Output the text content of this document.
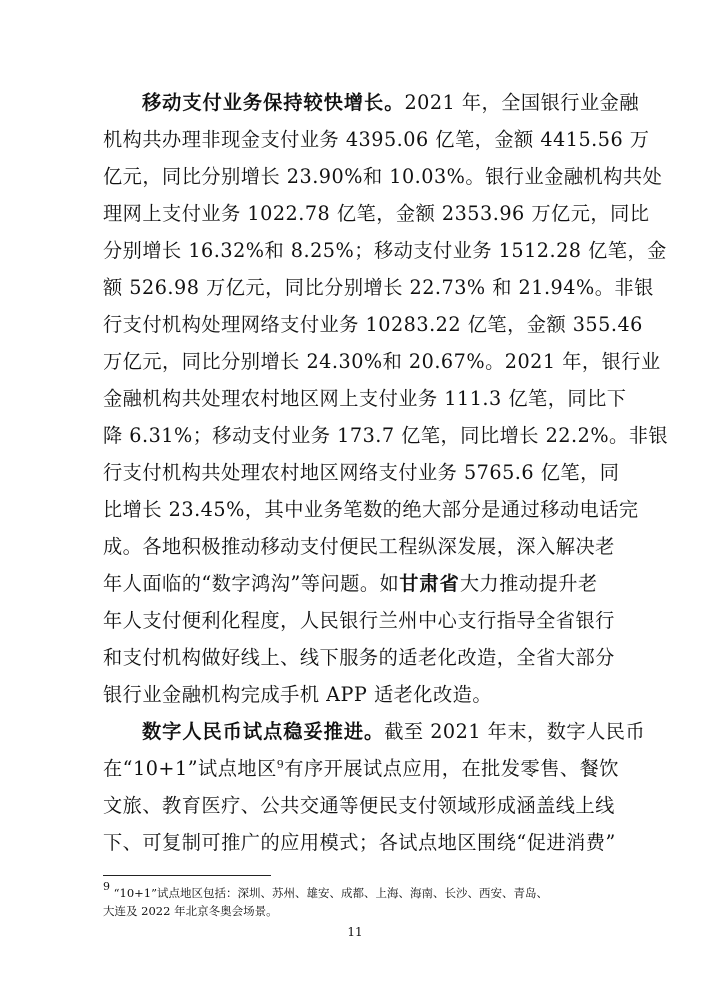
移动支付业务保持较快增长。2021 年，全国银行业金融
机构共办理非现金支付业务 4395.06 亿笔，金额 4415.56 万
亿元，同比分别增长 23.90%和 10.03%。银行业金融机构共处
理网上支付业务 1022.78 亿笔，金额 2353.96 万亿元，同比
分别增长 16.32%和 8.25%；移动支付业务 1512.28 亿笔，金
额 526.98 万亿元，同比分别增长 22.73% 和 21.94%。非银
行支付机构处理网络支付业务 10283.22 亿笔，金额 355.46
万亿元，同比分别增长 24.30%和 20.67%。2021 年，银行业
金融机构共处理农村地区网上支付业务 111.3 亿笔，同比下
降 6.31%；移动支付业务 173.7 亿笔，同比增长 22.2%。非银
行支付机构共处理农村地区网络支付业务 5765.6 亿笔，同
比增长 23.45%，其中业务笔数的绝大部分是通过移动电话完
成。各地积极推动移动支付便民工程纵深发展，深入解决老
年人面临的“数字鸿沟”等问题。如甘肃省大力推动提升老
年人支付便利化程度，人民银行兰州中心支行指导全省银行
和支付机构做好线上、线下服务的适老化改造，全省大部分
银行业金融机构完成手机 APP 适老化改造。
数字人民币试点稳妥推进。截至 2021 年末，数字人民币
在“10+1”试点地区$^9$有序开展试点应用，在批发零售、餐饮
文旅、教育医疗、公共交通等便民支付领域形成涵盖线上线
下、可复制可推广的应用模式；各试点地区围绕“促进消费”
$^9$ “10+1”试点地区包括：深圳、苏州、雄安、成都、上海、海南、长沙、西安、青岛、
大连及 2022 年北京冬奥会场景。
11
